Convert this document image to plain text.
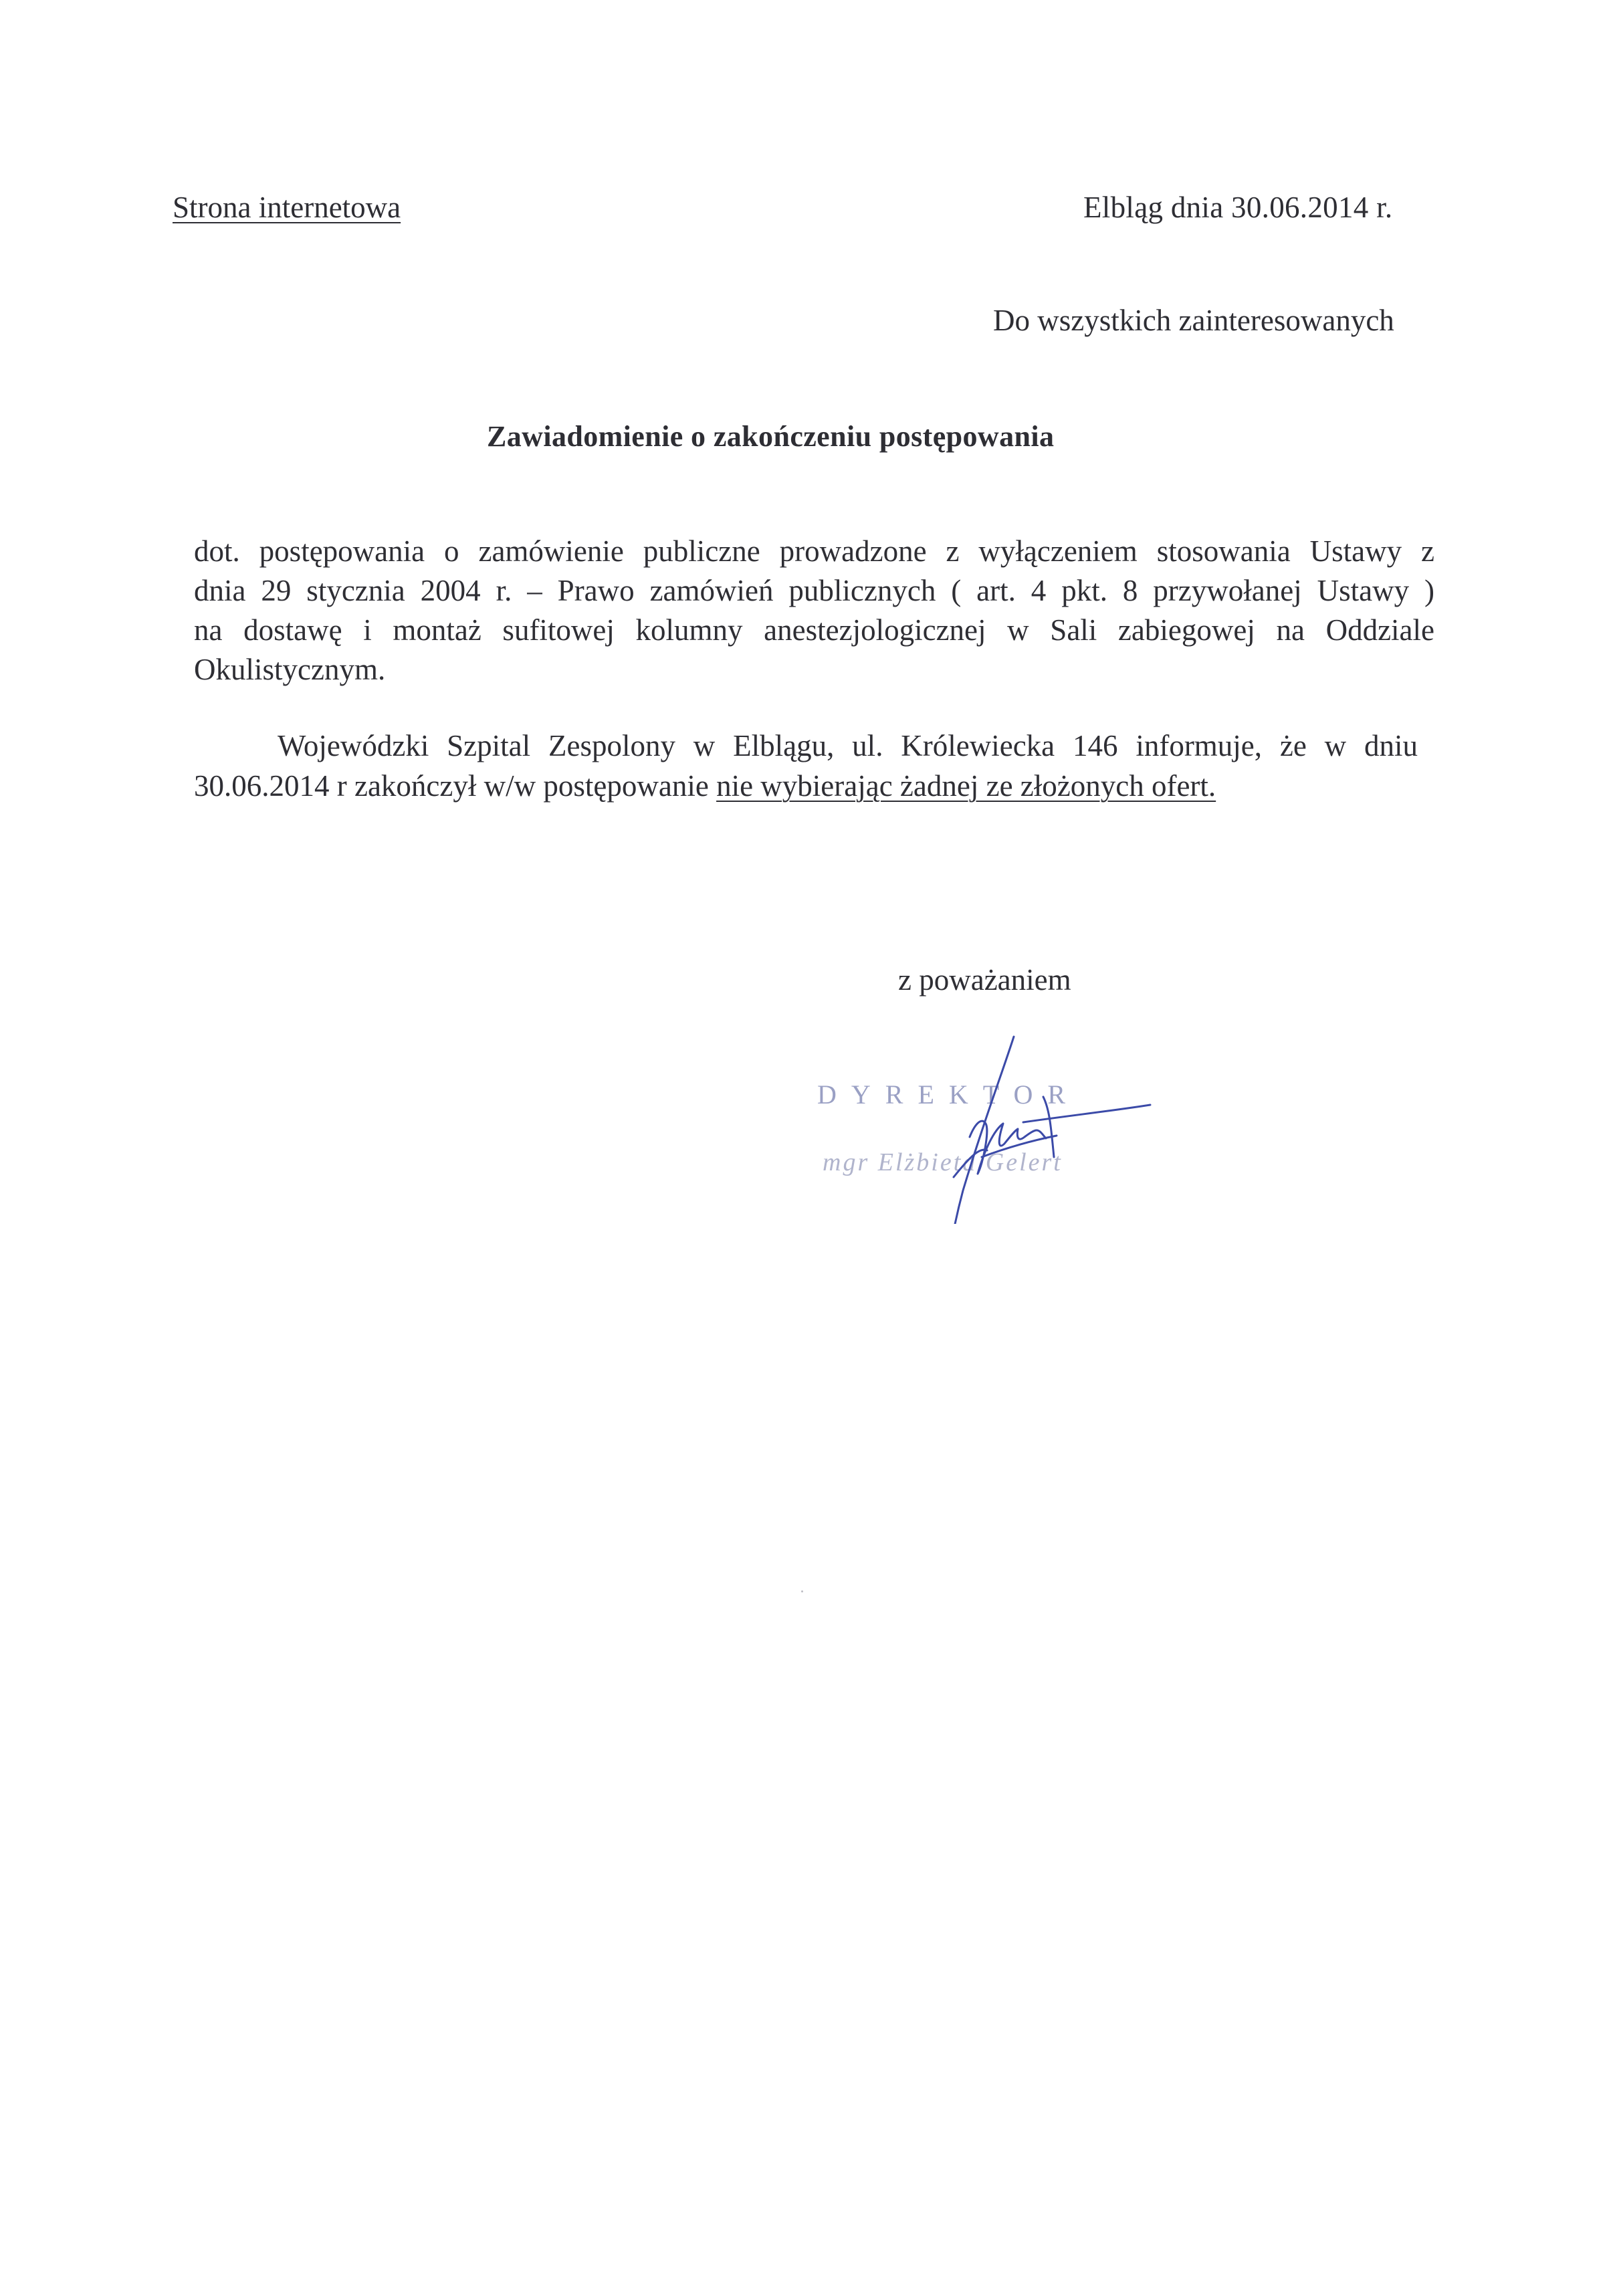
Strona internetowa	Elbląg dnia 30.06.2014 r.
Do wszystkich zainteresowanych
Zawiadomienie o zakończeniu postępowania
dot. postępowania o zamówienie publiczne prowadzone z wyłączeniem stosowania Ustawy z
dnia 29 stycznia 2004 r. – Prawo zamówień publicznych ( art. 4 pkt. 8 przywołanej Ustawy )
na dostawę i montaż sufitowej kolumny anestezjologicznej w Sali zabiegowej na Oddziale
Okulistycznym.
Wojewódzki Szpital Zespolony w Elblągu, ul. Królewiecka 146 informuje, że w dniu
30.06.2014 r zakończył w/w postępowanie nie wybierając żadnej ze złożonych ofert.
z poważaniem
DYREKTOR
mgr Elżbieta Gelert
